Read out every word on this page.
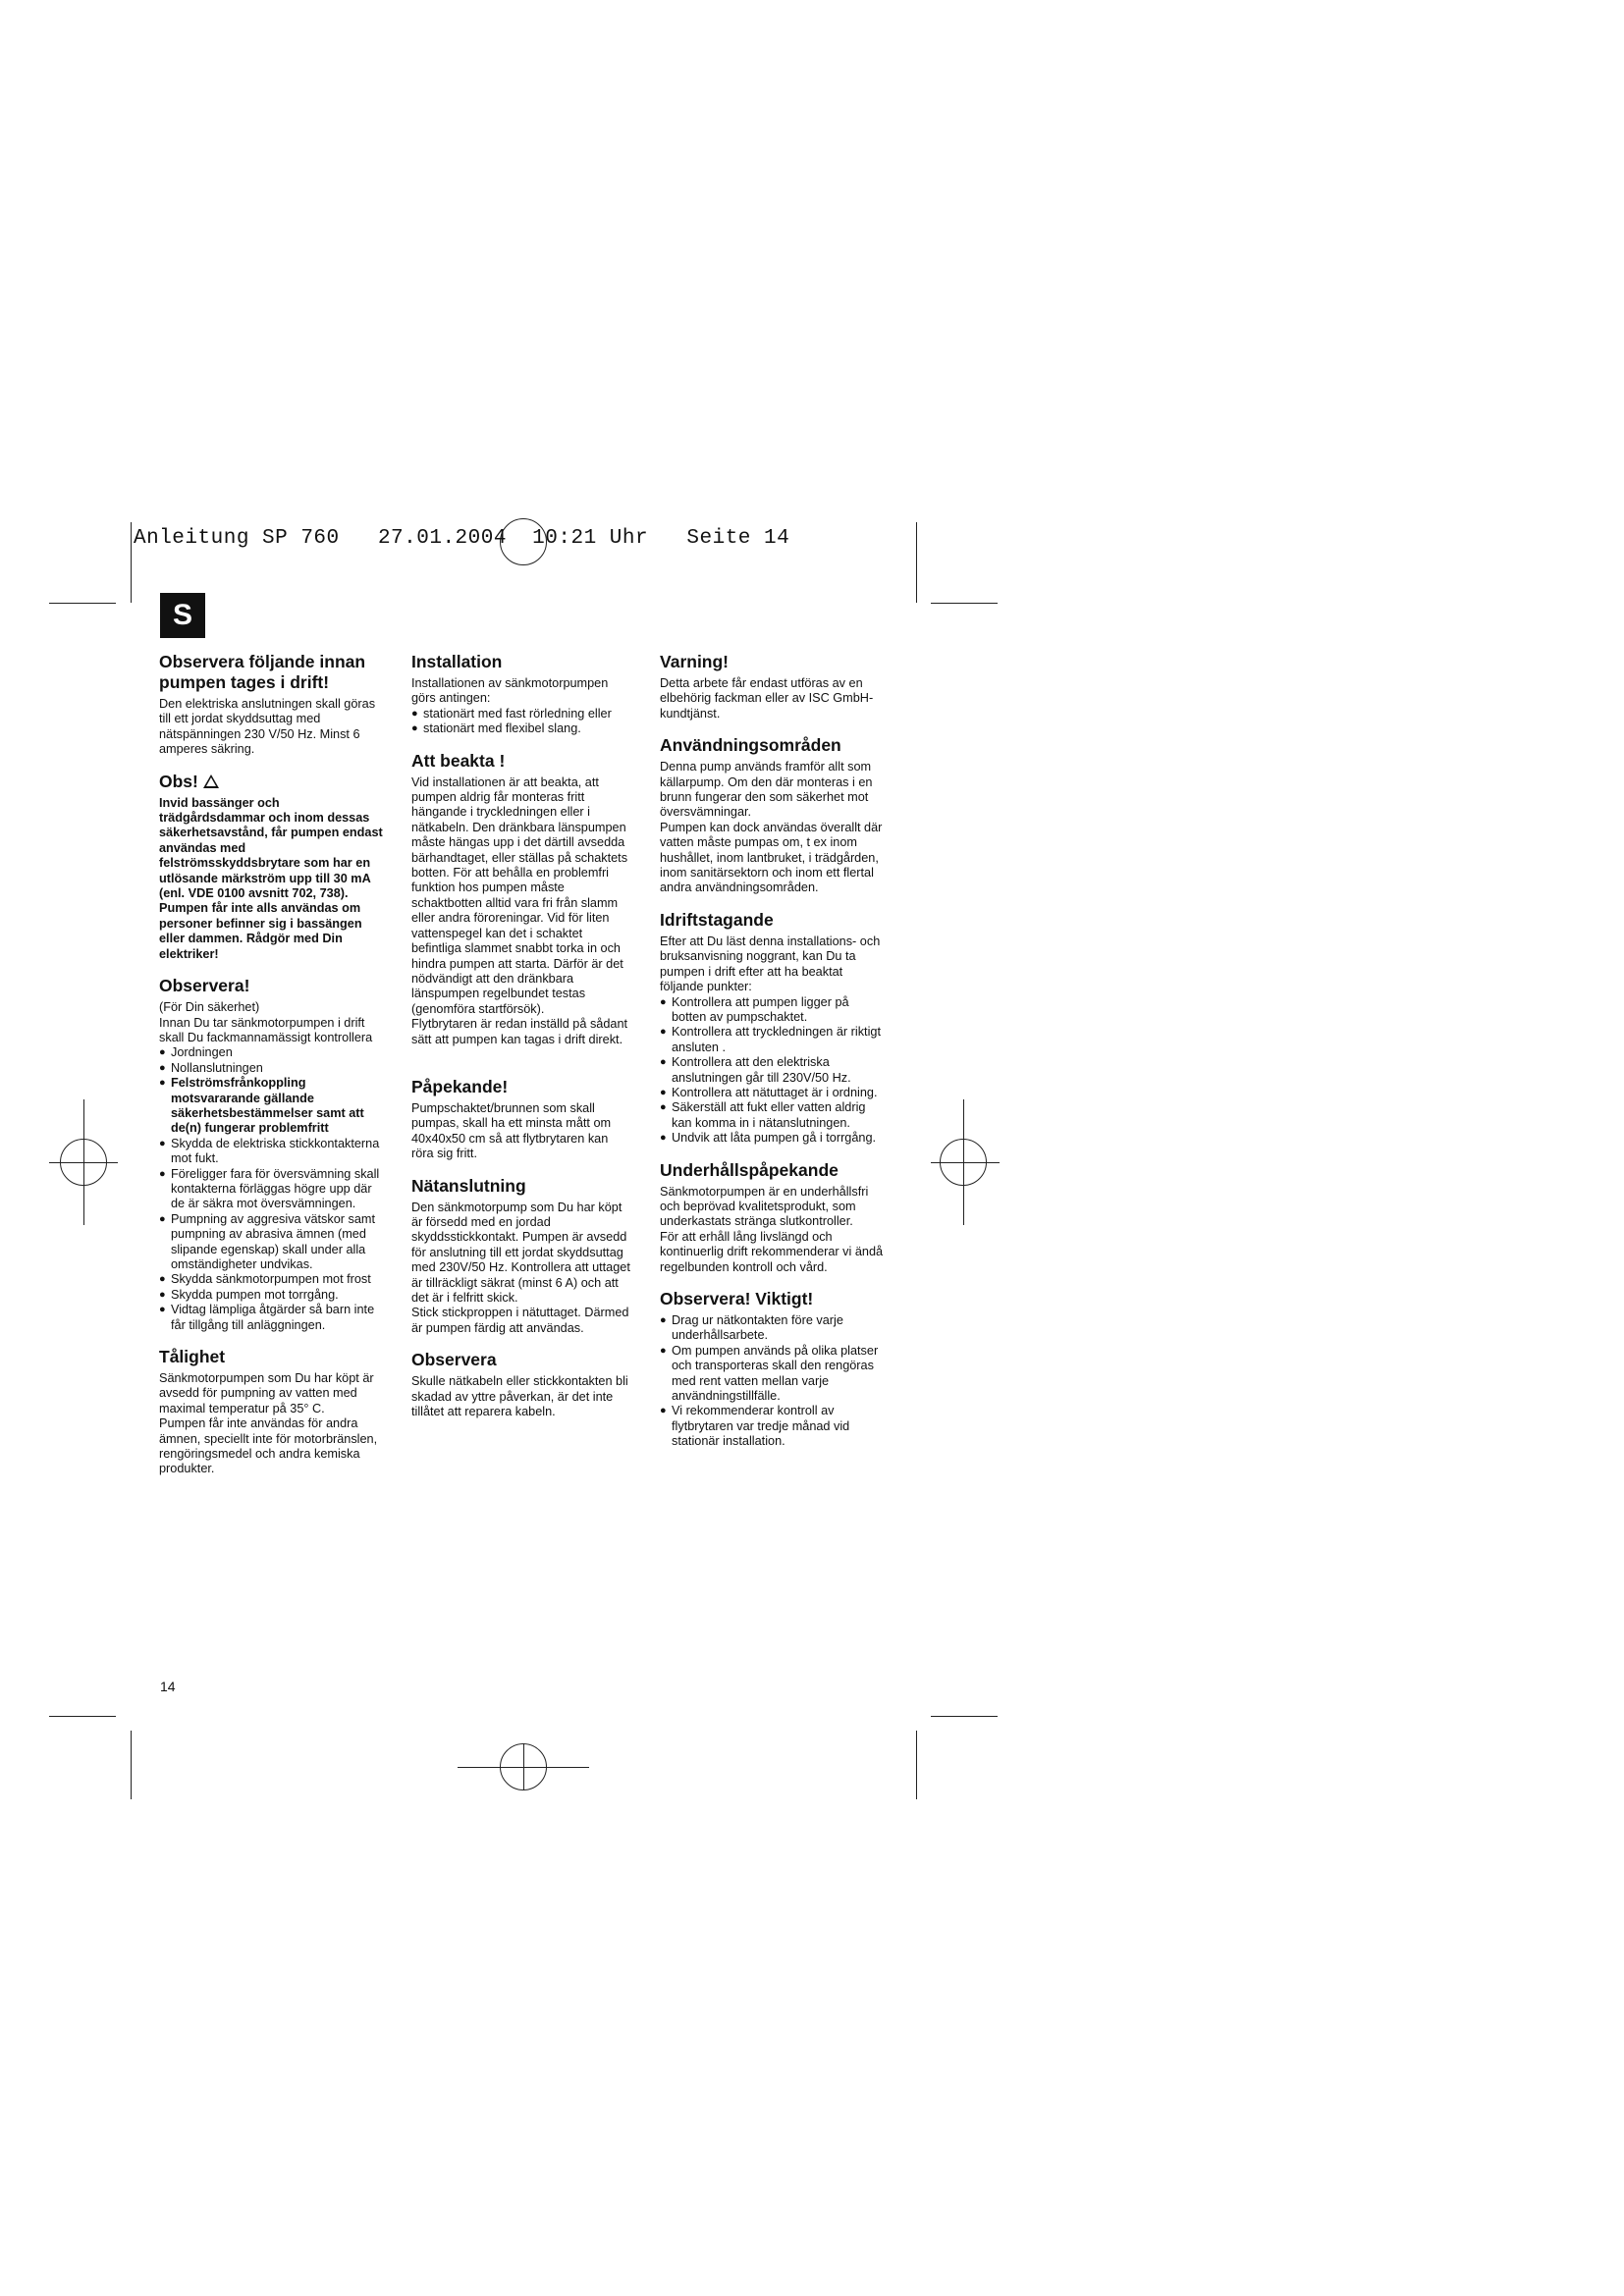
Anleitung SP 760   27.01.2004  10:21 Uhr   Seite 14
S
Observera följande innan pumpen tages i drift!

Den elektriska anslutningen skall göras till ett jordat skyddsuttag med nätspänningen 230 V/50 Hz. Minst 6 amperes säkring.

Obs!

Invid bassänger och trädgårdsdammar och inom dessas säkerhetsavstånd, får pumpen endast användas med felströmsskyddsbrytare som har en utlösande märkström upp till 30 mA (enl. VDE 0100 avsnitt 702, 738). Pumpen får inte alls användas om personer befinner sig i bassängen eller dammen. Rådgör med Din elektriker!

Observera!

(För Din säkerhet)

Innan Du tar sänkmotorpumpen i drift skall Du fackmannamässigt kontrollera

● Jordningen
● Nollanslutningen
● Felströmsfrånkoppling motsvararande gällande säkerhetsbestämmelser samt att de(n) fungerar problemfritt
● Skydda de elektriska stickkontakterna mot fukt.
● Föreligger fara för översvämning skall kontakterna förläggas högre upp där de är säkra mot översvämningen.
● Pumpning av aggresiva vätskor samt pumpning av abrasiva ämnen (med slipande egenskap) skall under alla omständigheter undvikas.
● Skydda sänkmotorpumpen mot frost
● Skydda pumpen mot torrgång.
● Vidtag lämpliga åtgärder så barn inte får tillgång till anläggningen.
Tålighet

Sänkmotorpumpen som Du har köpt är avsedd för pumpning av vatten med maximal temperatur på 35° C.

Pumpen får inte användas för andra ämnen, speciellt inte för motorbränslen, rengöringsmedel och andra kemiska produkter.

Installation

Installationen av sänkmotorpumpen görs antingen:

● stationärt med fast rörledning eller
● stationärt med flexibel slang.
Att beakta !

Vid installationen är att beakta, att pumpen aldrig får monteras fritt hängande i tryckledningen eller i nätkabeln. Den dränkbara länspumpen måste hängas upp i det därtill avsedda bärhandtaget, eller ställas på schaktets botten. För att behålla en problemfri funktion hos pumpen måste schaktbotten alltid vara fri från slamm eller andra föroreningar. Vid för liten vattenspegel kan det i schaktet befintliga slammet snabbt torka in och hindra pumpen att starta. Därför är det nödvändigt att den dränkbara länspumpen regelbundet testas (genomföra startförsök).

Flytbrytaren är redan inställd på sådant sätt att pumpen kan tagas i drift direkt.

Påpekande!

Pumpschaktet/brunnen som skall pumpas, skall ha ett minsta mått om 40x40x50 cm så att flytbrytaren kan röra sig fritt.

Nätanslutning

Den sänkmotorpump som Du har köpt är försedd med en jordad skyddsstickkontakt. Pumpen är avsedd för anslutning till ett jordat skyddsuttag med 230V/50 Hz. Kontrollera att uttaget är tillräckligt säkrat (minst 6 A) och att det är i felfritt skick.

Stick stickproppen i nätuttaget. Därmed är pumpen färdig att användas.

Observera

Skulle nätkabeln eller stickkontakten bli skadad av yttre påverkan, är det inte tillåtet att reparera kabeln.

Varning!

Detta arbete får endast utföras av en elbehörig fackman eller av ISC GmbH-kundtjänst.

Användningsområden

Denna pump används framför allt som källarpump. Om den där monteras i en brunn fungerar den som säkerhet mot översvämningar.

Pumpen kan dock användas överallt där vatten måste pumpas om, t ex inom hushållet, inom lantbruket, i trädgården, inom sanitärsektorn och inom ett flertal andra användningsområden.

Idriftstagande

Efter att Du läst denna installations- och bruksanvisning noggrant, kan Du ta pumpen i drift efter att ha beaktat följande punkter:

● Kontrollera att pumpen ligger på botten av pumpschaktet.
● Kontrollera att tryckledningen är riktigt ansluten .
● Kontrollera att den elektriska anslutningen går till 230V/50 Hz.
● Kontrollera att nätuttaget är i ordning.
● Säkerställ att fukt eller vatten aldrig kan komma in i nätanslutningen.
● Undvik att låta pumpen gå i torrgång.
Underhållspåpekande

Sänkmotorpumpen är en underhållsfri och beprövad kvalitetsprodukt, som underkastats stränga slutkontroller.

För att erhåll lång livslängd och kontinuerlig drift rekommenderar vi ändå regelbunden kontroll och vård.

Observera! Viktigt!
● Drag ur nätkontakten före varje underhållsarbete.
● Om pumpen används på olika platser och transporteras skall den rengöras med rent vatten mellan varje användningstillfälle.
● Vi rekommenderar kontroll av flytbrytaren var tredje månad vid stationär installation.
14
